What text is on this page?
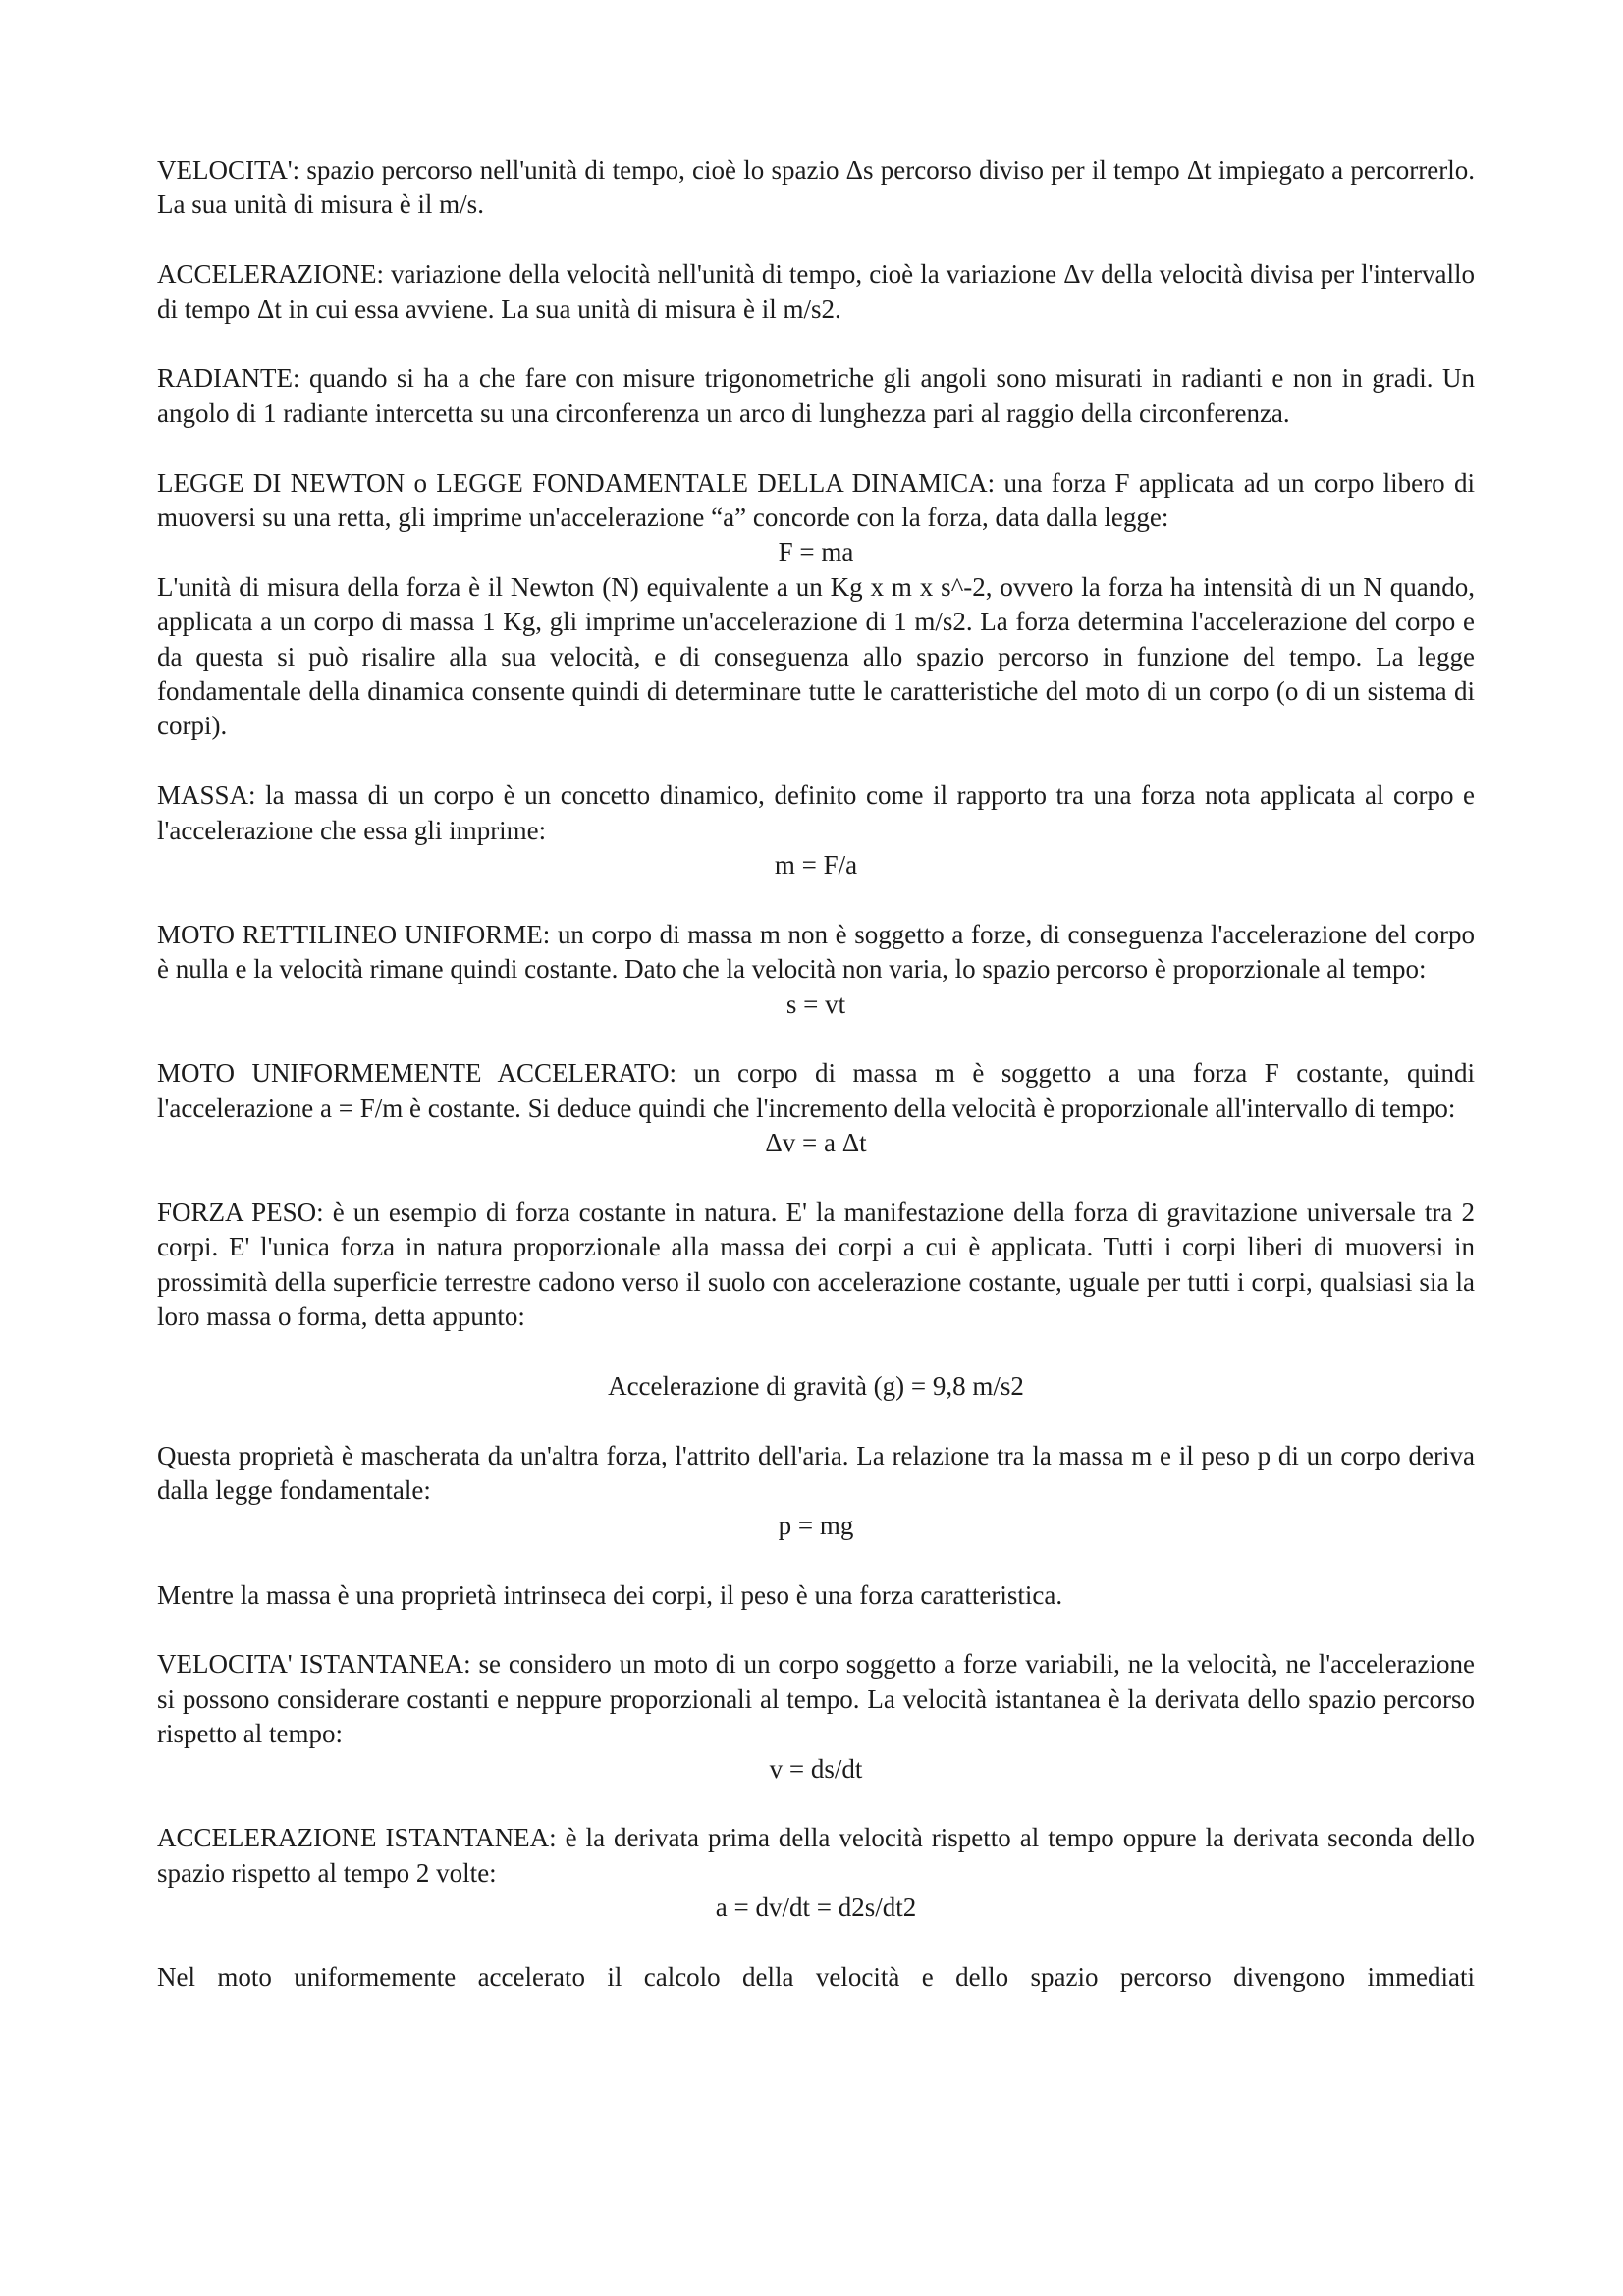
VELOCITA': spazio percorso nell'unità di tempo, cioè lo spazio Δs percorso diviso per il tempo Δt impiegato a percorrerlo. La sua unità di misura è il m/s.

ACCELERAZIONE: variazione della velocità nell'unità di tempo, cioè la variazione Δv della velocità divisa per l'intervallo di tempo Δt in cui essa avviene. La sua unità di misura è il m/s2.

RADIANTE: quando si ha a che fare con misure trigonometriche gli angoli sono misurati in radianti e non in gradi. Un angolo di 1 radiante intercetta su una circonferenza un arco di lunghezza pari al raggio della circonferenza.

LEGGE DI NEWTON o LEGGE FONDAMENTALE DELLA DINAMICA: una forza F applicata ad un corpo libero di muoversi su una retta, gli imprime un'accelerazione “a” concorde con la forza, data dalla legge:

F = ma

L'unità di misura della forza è il Newton (N) equivalente a un Kg x m x s^-2, ovvero la forza ha intensità di un N quando, applicata a un corpo di massa 1 Kg, gli imprime un'accelerazione di 1 m/s2. La forza determina l'accelerazione del corpo e da questa si può risalire alla sua velocità, e di conseguenza allo spazio percorso in funzione del tempo. La legge fondamentale della dinamica consente quindi di determinare tutte le caratteristiche del moto di un corpo (o di un sistema di corpi).

MASSA: la massa di un corpo è un concetto dinamico, definito come il rapporto tra una forza nota applicata al corpo e l'accelerazione che essa gli imprime:

m = F/a

MOTO RETTILINEO UNIFORME: un corpo di massa m non è soggetto a forze, di conseguenza l'accelerazione del corpo è nulla e la velocità rimane quindi costante. Dato che la velocità non varia, lo spazio percorso è proporzionale al tempo:

s = vt

MOTO UNIFORMEMENTE ACCELERATO: un corpo di massa m è soggetto a una forza F costante, quindi l'accelerazione a = F/m è costante. Si deduce quindi che l'incremento della velocità è proporzionale all'intervallo di tempo:

Δv = a Δt

FORZA PESO: è un esempio di forza costante in natura. E' la manifestazione della forza di gravitazione universale tra 2 corpi. E' l'unica forza in natura proporzionale alla massa dei corpi a cui è applicata. Tutti i corpi liberi di muoversi in prossimità della superficie terrestre cadono verso il suolo con accelerazione costante, uguale per tutti i corpi, qualsiasi sia la loro massa o forma, detta appunto:

Accelerazione di gravità (g) = 9,8 m/s2

Questa proprietà è mascherata da un'altra forza, l'attrito dell'aria. La relazione tra la massa m e il peso p di un corpo deriva dalla legge fondamentale:

p = mg

Mentre la massa è una proprietà intrinseca dei corpi, il peso è una forza caratteristica.

VELOCITA' ISTANTANEA: se considero un moto di un corpo soggetto a forze variabili, ne la velocità, ne l'accelerazione si possono considerare costanti e neppure proporzionali al tempo. La velocità istantanea è la derivata dello spazio percorso rispetto al tempo:

v = ds/dt

ACCELERAZIONE ISTANTANEA: è la derivata prima della velocità rispetto al tempo oppure la derivata seconda dello spazio rispetto al tempo 2 volte:

a = dv/dt = d2s/dt2

Nel moto uniformemente accelerato il calcolo della velocità e dello spazio percorso divengono immediati
